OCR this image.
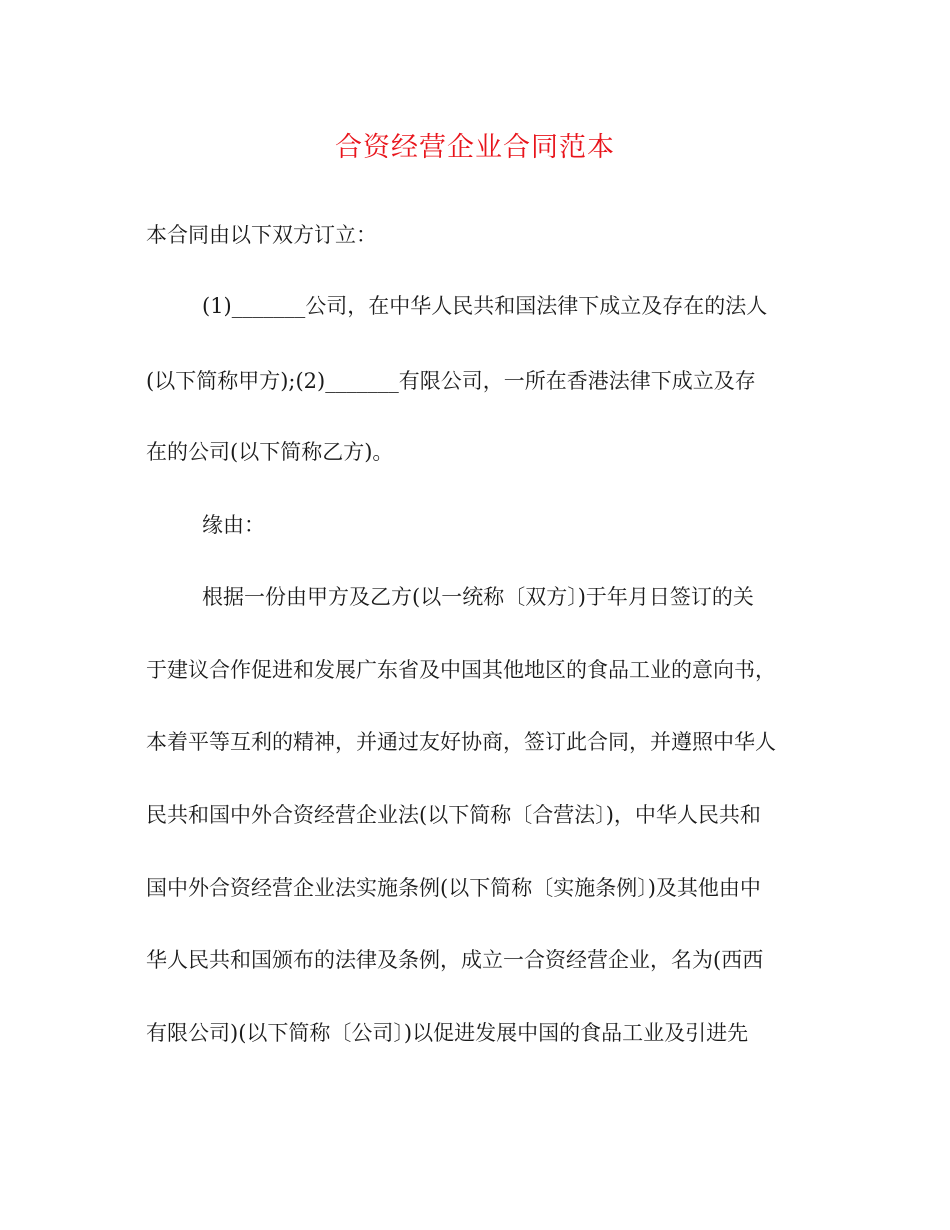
合资经营企业合同范本
本合同由以下双方订立：
(1)_______公司，在中华人民共和国法律下成立及存在的法人
(以下简称甲方);(2)_______有限公司，一所在香港法律下成立及存
在的公司(以下简称乙方)。
缘由：
根据一份由甲方及乙方(以一统称〔双方〕)于年月日签订的关
于建议合作促进和发展广东省及中国其他地区的食品工业的意向书，
本着平等互利的精神，并通过友好协商，签订此合同，并遵照中华人
民共和国中外合资经营企业法(以下简称〔合营法〕)，中华人民共和
国中外合资经营企业法实施条例(以下简称〔实施条例〕)及其他由中
华人民共和国颁布的法律及条例，成立一合资经营企业，名为(西西
有限公司)(以下简称〔公司〕)以促进发展中国的食品工业及引进先
